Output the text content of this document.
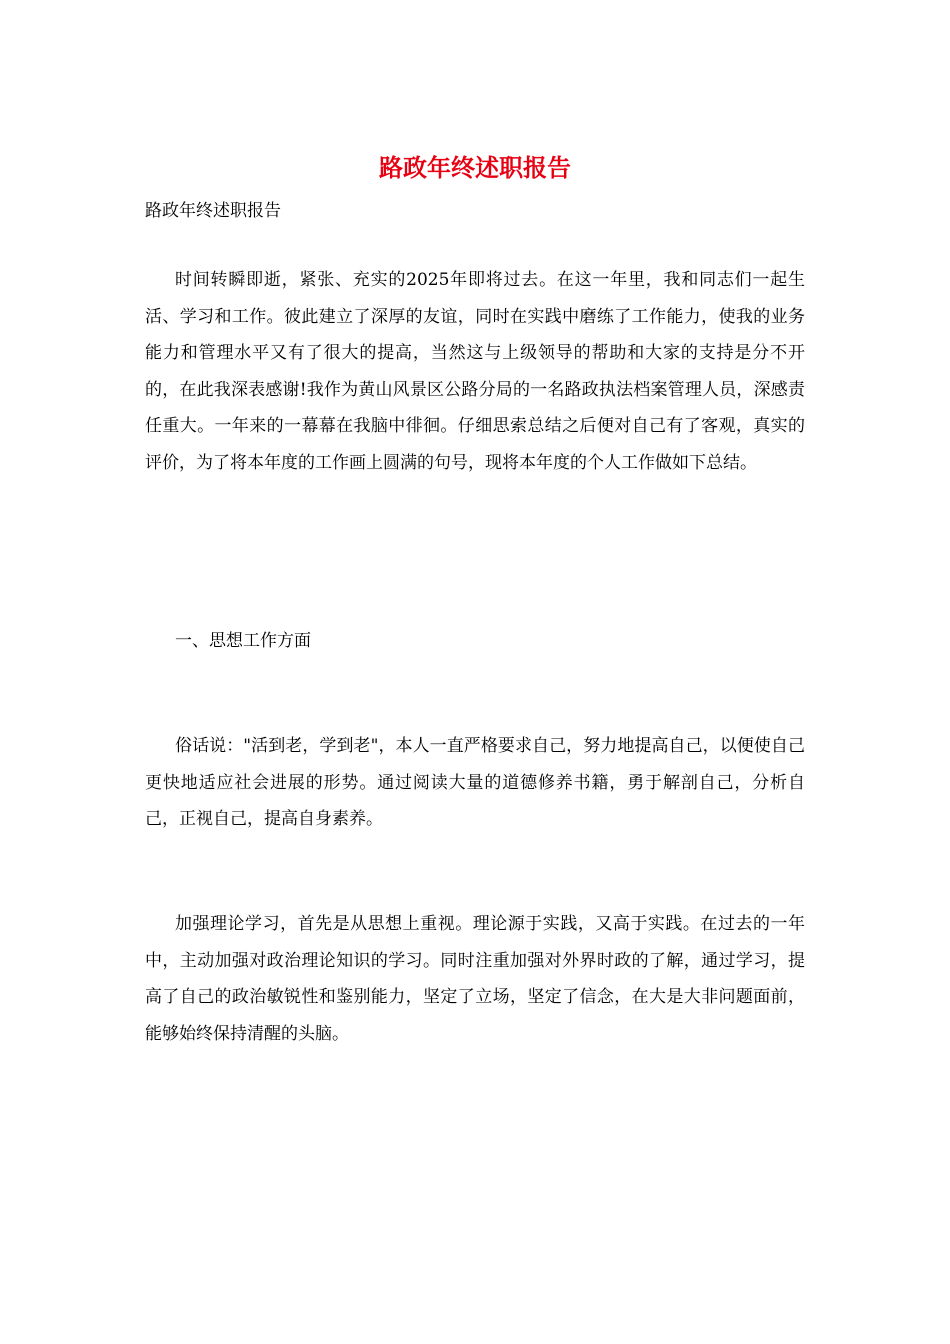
路政年终述职报告

路政年终述职报告

时间转瞬即逝，紧张、充实的2025年即将过去。在这一年里，我和同志们一起生活、学习和工作。彼此建立了深厚的友谊，同时在实践中磨练了工作能力，使我的业务能力和管理水平又有了很大的提高，当然这与上级领导的帮助和大家的支持是分不开的，在此我深表感谢!我作为黄山风景区公路分局的一名路政执法档案管理人员，深感责任重大。一年来的一幕幕在我脑中徘徊。仔细思索总结之后便对自己有了客观，真实的评价，为了将本年度的工作画上圆满的句号，现将本年度的个人工作做如下总结。

一、思想工作方面

俗话说："活到老，学到老"，本人一直严格要求自己，努力地提高自己，以便使自己更快地适应社会进展的形势。通过阅读大量的道德修养书籍，勇于解剖自己，分析自己，正视自己，提高自身素养。

加强理论学习，首先是从思想上重视。理论源于实践，又高于实践。在过去的一年中，主动加强对政治理论知识的学习。同时注重加强对外界时政的了解，通过学习，提高了自己的政治敏锐性和鉴别能力，坚定了立场，坚定了信念，在大是大非问题面前，能够始终保持清醒的头脑。
